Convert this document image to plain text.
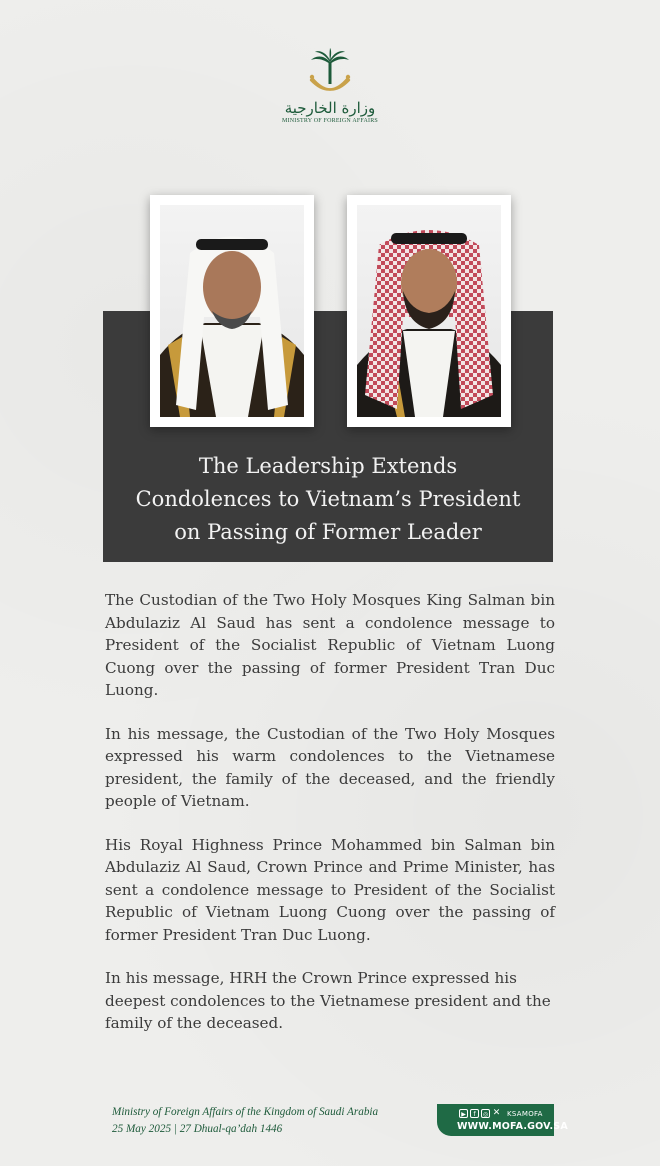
وزارة الخارجية
MINISTRY OF FOREIGN AFFAIRS
The Leadership Extends
Condolences to Vietnam’s President
on Passing of Former Leader

The Custodian of the Two Holy Mosques King Salman bin Abdulaziz Al Saud has sent a condolence message to President of the Socialist Republic of Vietnam Luong Cuong over the passing of former President Tran Duc Luong.

In his message, the Custodian of the Two Holy Mosques expressed his warm condolences to the Vietnamese president, the family of the deceased, and the friendly people of Vietnam.

His Royal Highness Prince Mohammed bin Salman bin Abdulaziz Al Saud, Crown Prince and Prime Minister, has sent a condolence message to President of the Socialist Republic of Vietnam Luong Cuong over the passing of former President Tran Duc Luong.

In his message, HRH the Crown Prince expressed his deepest condolences to the Vietnamese president and the family of the deceased.

Ministry of Foreign Affairs of the Kingdom of Saudi Arabia
25 May 2025 | 27 Dhual-qa’dah 1446
▶	f	◎ ✕ KSAMOFA
WWW.MOFA.GOV.SA
